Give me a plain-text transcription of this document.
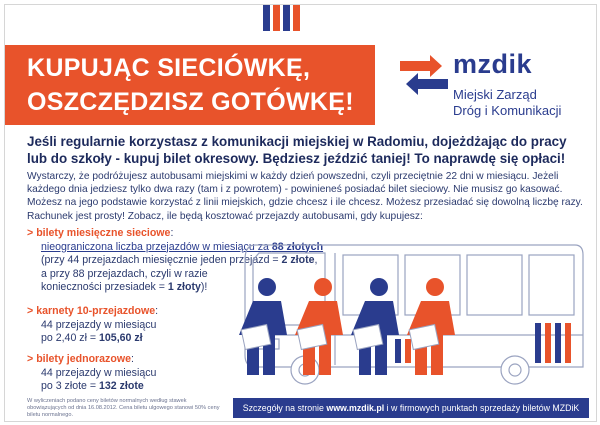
KUPUJĄC SIECIÓWKĘ,
OSZCZĘDZISZ GOTÓWKĘ!
mzdik
Miejski Zarząd
Dróg i Komunikacji
Jeśli regularnie korzystasz z komunikacji miejskiej w Radomiu, dojeżdżając do pracy lub do szkoły - kupuj bilet okresowy. Będziesz jeździć taniej! To naprawdę się opłaci!
Wystarczy, że podróżujesz autobusami miejskimi w każdy dzień powszedni, czyli przeciętnie 22 dni w miesiącu. Jeżeli każdego dnia jedziesz tylko dwa razy (tam i z powrotem) - powinieneś posiadać bilet sieciowy. Nie musisz go kasować. Możesz na jego podstawie korzystać z linii miejskich, gdzie chcesz i ile chcesz. Możesz przesiadać się dowolną liczbę razy. Rachunek jest prosty! Zobacz, ile będą kosztować przejazdy autobusami, gdy kupujesz:
> bilety miesięczne sieciowe:
nieograniczona liczba przejazdów w miesiącu za 88 złotych
(przy 44 przejazdach miesięcznie jeden przejazd = 2 złote,
a przy 88 przejazdach, czyli w razie
konieczności przesiadek = 1 złoty)!
> karnety 10-przejazdowe:
44 przejazdy w miesiącu
po 2,40 zł = 105,60 zł
> bilety jednorazowe:
44 przejazdy w miesiącu
po 3 złote = 132 złote
W wyliczeniach podano ceny biletów normalnych według stawek obowiązujących od dnia 16.08.2012. Cena biletu ulgowego stanowi 50% ceny biletu normalnego.
Szczegóły na stronie www.mzdik.pl i w firmowych punktach sprzedaży biletów MZDiK
